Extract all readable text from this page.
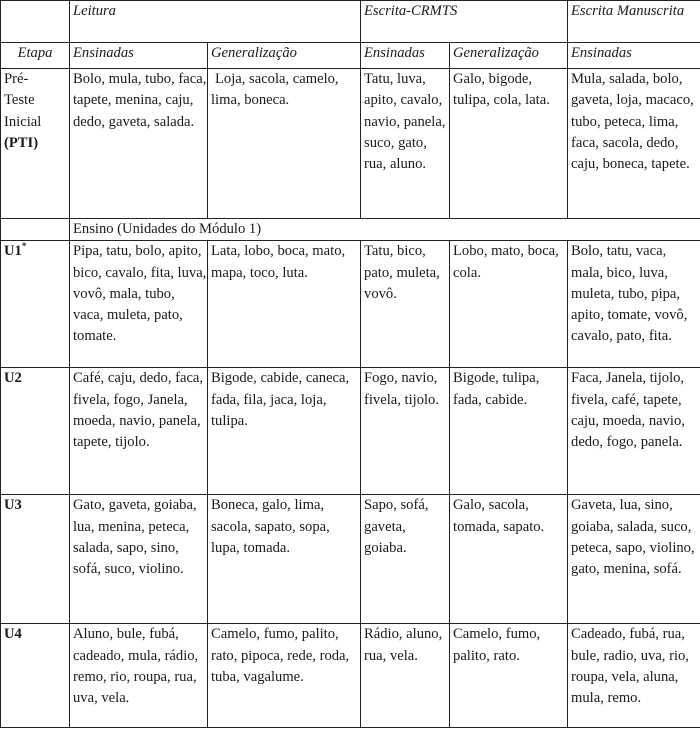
	Leitura		Escrita-CRMTS		Escrita Manuscrita
Etapa	Ensinadas	Generalização	Ensinadas	Generalização	Ensinadas
Pré-
Teste
Inicial
(PTI)	Bolo, mula, tubo, faca, tapete, menina, caju, dedo, gaveta, salada.	Loja, sacola, camelo, lima, boneca.	Tatu, luva, apito, cavalo, navio, panela, suco, gato, rua, aluno.	Galo, bigode, tulipa, cola, lata.	Mula, salada, bolo, gaveta, loja, macaco, tubo, peteca, lima, faca, sacola, dedo, caju, boneca, tapete.
	Ensino (Unidades do Módulo 1)				
U1*	Pipa, tatu, bolo, apito, bico, cavalo, fita, luva, vovô, mala, tubo, vaca, muleta, pato, tomate.	Lata, lobo, boca, mato, mapa, toco, luta.	Tatu, bico, pato, muleta, vovô.	Lobo, mato, boca, cola.	Bolo, tatu, vaca, mala, bico, luva, muleta, tubo, pipa, apito, tomate, vovô, cavalo, pato, fita.
U2	Café, caju, dedo, faca, fivela, fogo, Janela, moeda, navio, panela, tapete, tijolo.	Bigode, cabide, caneca, fada, fila, jaca, loja, tulipa.	Fogo, navio, fivela, tijolo.	Bigode, tulipa, fada, cabide.	Faca, Janela, tijolo, fivela, café, tapete, caju, moeda, navio, dedo, fogo, panela.
U3	Gato, gaveta, goiaba, lua, menina, peteca, salada, sapo, sino, sofá, suco, violino.	Boneca, galo, lima, sacola, sapato, sopa, lupa, tomada.	Sapo, sofá, gaveta, goiaba.	Galo, sacola, tomada, sapato.	Gaveta, lua, sino, goiaba, salada, suco, peteca, sapo, violino, gato, menina, sofá.
U4	Aluno, bule, fubá, cadeado, mula, rádio, remo, rio, roupa, rua, uva, vela.	Camelo, fumo, palito, rato, pipoca, rede, roda, tuba, vagalume.	Rádio, aluno, rua, vela.	Camelo, fumo, palito, rato.	Cadeado, fubá, rua, bule, radio, uva, rio, roupa, vela, aluna, mula, remo.
